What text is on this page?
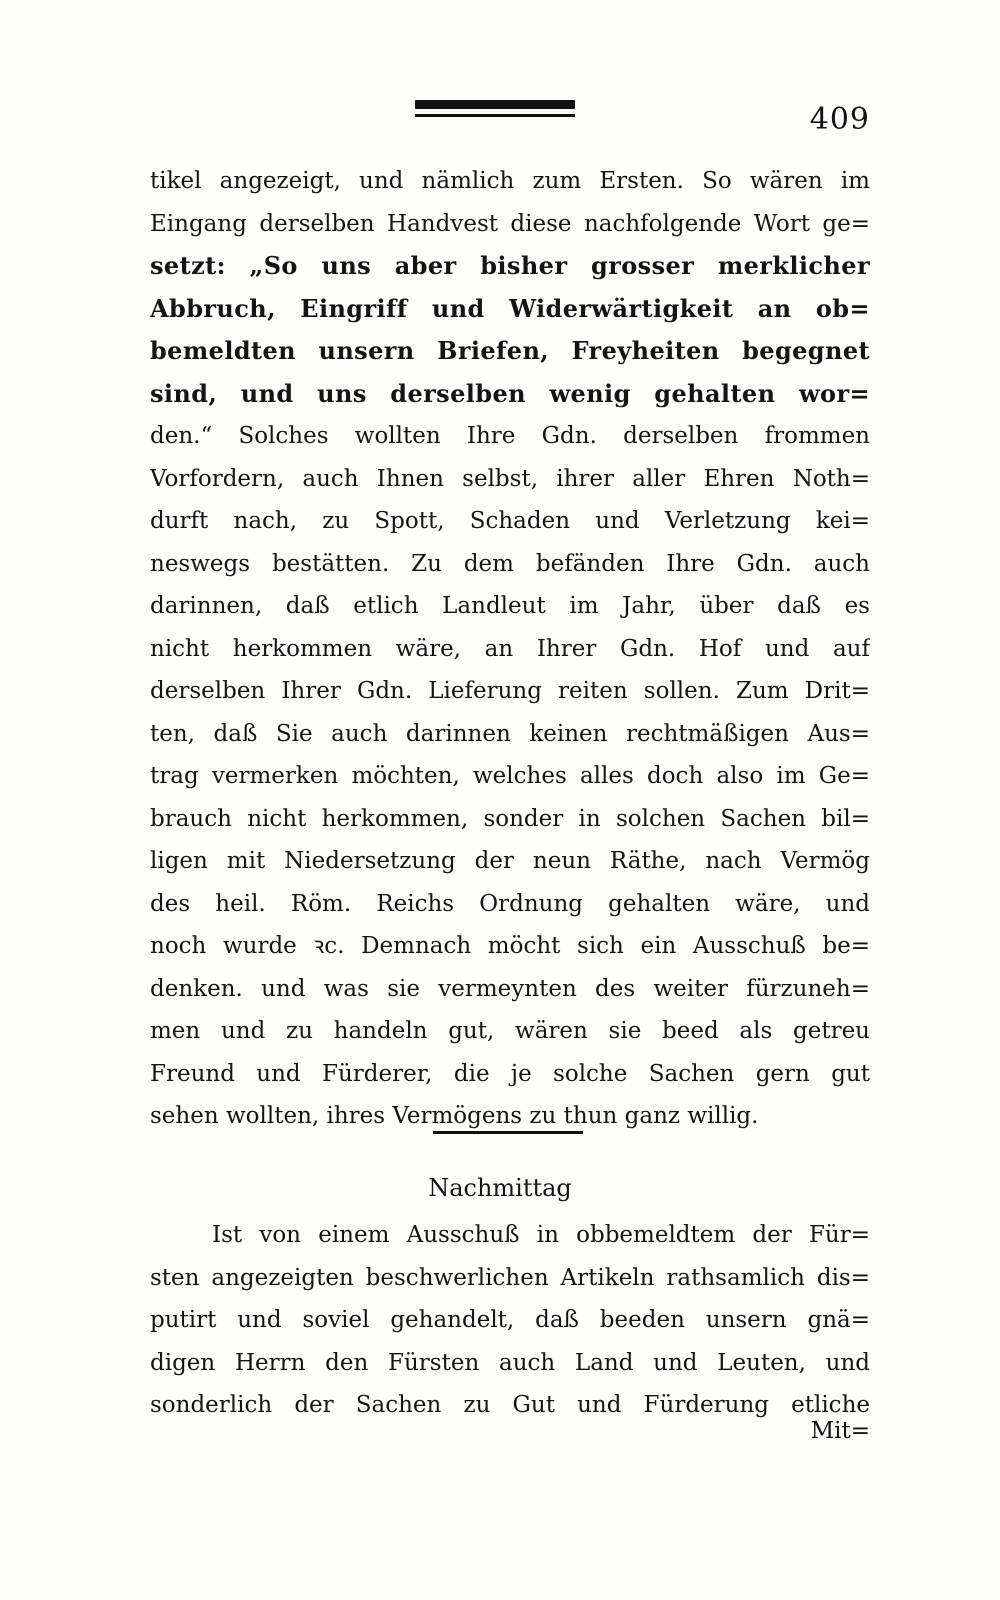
409
tikel angezeigt, und nämlich zum Ersten. So wären im
Eingang derselben Handvest diese nachfolgende Wort ge=
setzt: „So uns aber bisher grosser merklicher
Abbruch, Eingriff und Widerwärtigkeit an ob=
bemeldten unsern Briefen, Freyheiten begegnet
sind, und uns derselben wenig gehalten wor=
den.“ Solches wollten Ihre Gdn. derselben frommen
Vorfordern, auch Ihnen selbst, ihrer aller Ehren Noth=
durft nach, zu Spott, Schaden und Verletzung kei=
neswegs bestätten. Zu dem befänden Ihre Gdn. auch
darinnen, daß etlich Landleut im Jahr, über daß es
nicht herkommen wäre, an Ihrer Gdn. Hof und auf
derselben Ihrer Gdn. Lieferung reiten sollen. Zum Drit=
ten, daß Sie auch darinnen keinen rechtmäßigen Aus=
trag vermerken möchten, welches alles doch also im Ge=
brauch nicht herkommen, sonder in solchen Sachen bil=
ligen mit Niedersetzung der neun Räthe, nach Vermög
des heil. Röm. Reichs Ordnung gehalten wäre, und
noch wurde ꝛc. Demnach möcht sich ein Ausschuß be=
denken. und was sie vermeynten des weiter fürzuneh=
men und zu handeln gut, wären sie beed als getreu
Freund und Fürderer, die je solche Sachen gern gut
sehen wollten, ihres Vermögens zu thun ganz willig.
Nachmittag
Ist von einem Ausschuß in obbemeldtem der Für=
sten angezeigten beschwerlichen Artikeln rathsamlich dis=
putirt und soviel gehandelt, daß beeden unsern gnä=
digen Herrn den Fürsten auch Land und Leuten, und
sonderlich der Sachen zu Gut und Fürderung etliche
Mit=
